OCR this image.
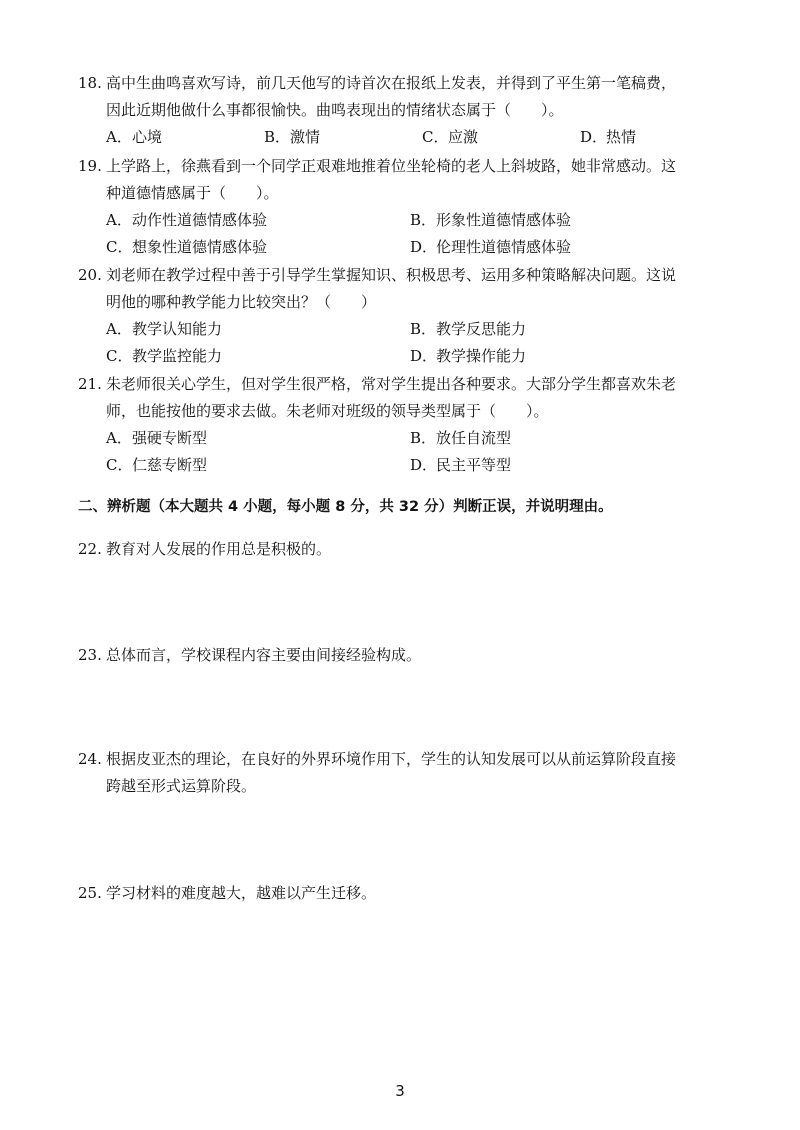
18. 高中生曲鸣喜欢写诗，前几天他写的诗首次在报纸上发表，并得到了平生第一笔稿费，
因此近期他做什么事都很愉快。曲鸣表现出的情绪状态属于（　　）。
A．心境	B．激情	C．应激	D．热情
19. 上学路上，徐燕看到一个同学正艰难地推着位坐轮椅的老人上斜坡路，她非常感动。这
种道德情感属于（　　）。
A．动作性道德情感体验	B．形象性道德情感体验
C．想象性道德情感体验	D．伦理性道德情感体验
20. 刘老师在教学过程中善于引导学生掌握知识、积极思考、运用多种策略解决问题。这说
明他的哪种教学能力比较突出？（　　）
A．教学认知能力	B．教学反思能力
C．教学监控能力	D．教学操作能力
21. 朱老师很关心学生，但对学生很严格，常对学生提出各种要求。大部分学生都喜欢朱老
师，也能按他的要求去做。朱老师对班级的领导类型属于（　　）。
A．强硬专断型	B．放任自流型
C．仁慈专断型	D．民主平等型
二、辨析题（本大题共 4 小题，每小题 8 分，共 32 分）判断正误，并说明理由。
22. 教育对人发展的作用总是积极的。
23. 总体而言，学校课程内容主要由间接经验构成。
24. 根据皮亚杰的理论，在良好的外界环境作用下，学生的认知发展可以从前运算阶段直接
跨越至形式运算阶段。
25. 学习材料的难度越大，越难以产生迁移。
3
